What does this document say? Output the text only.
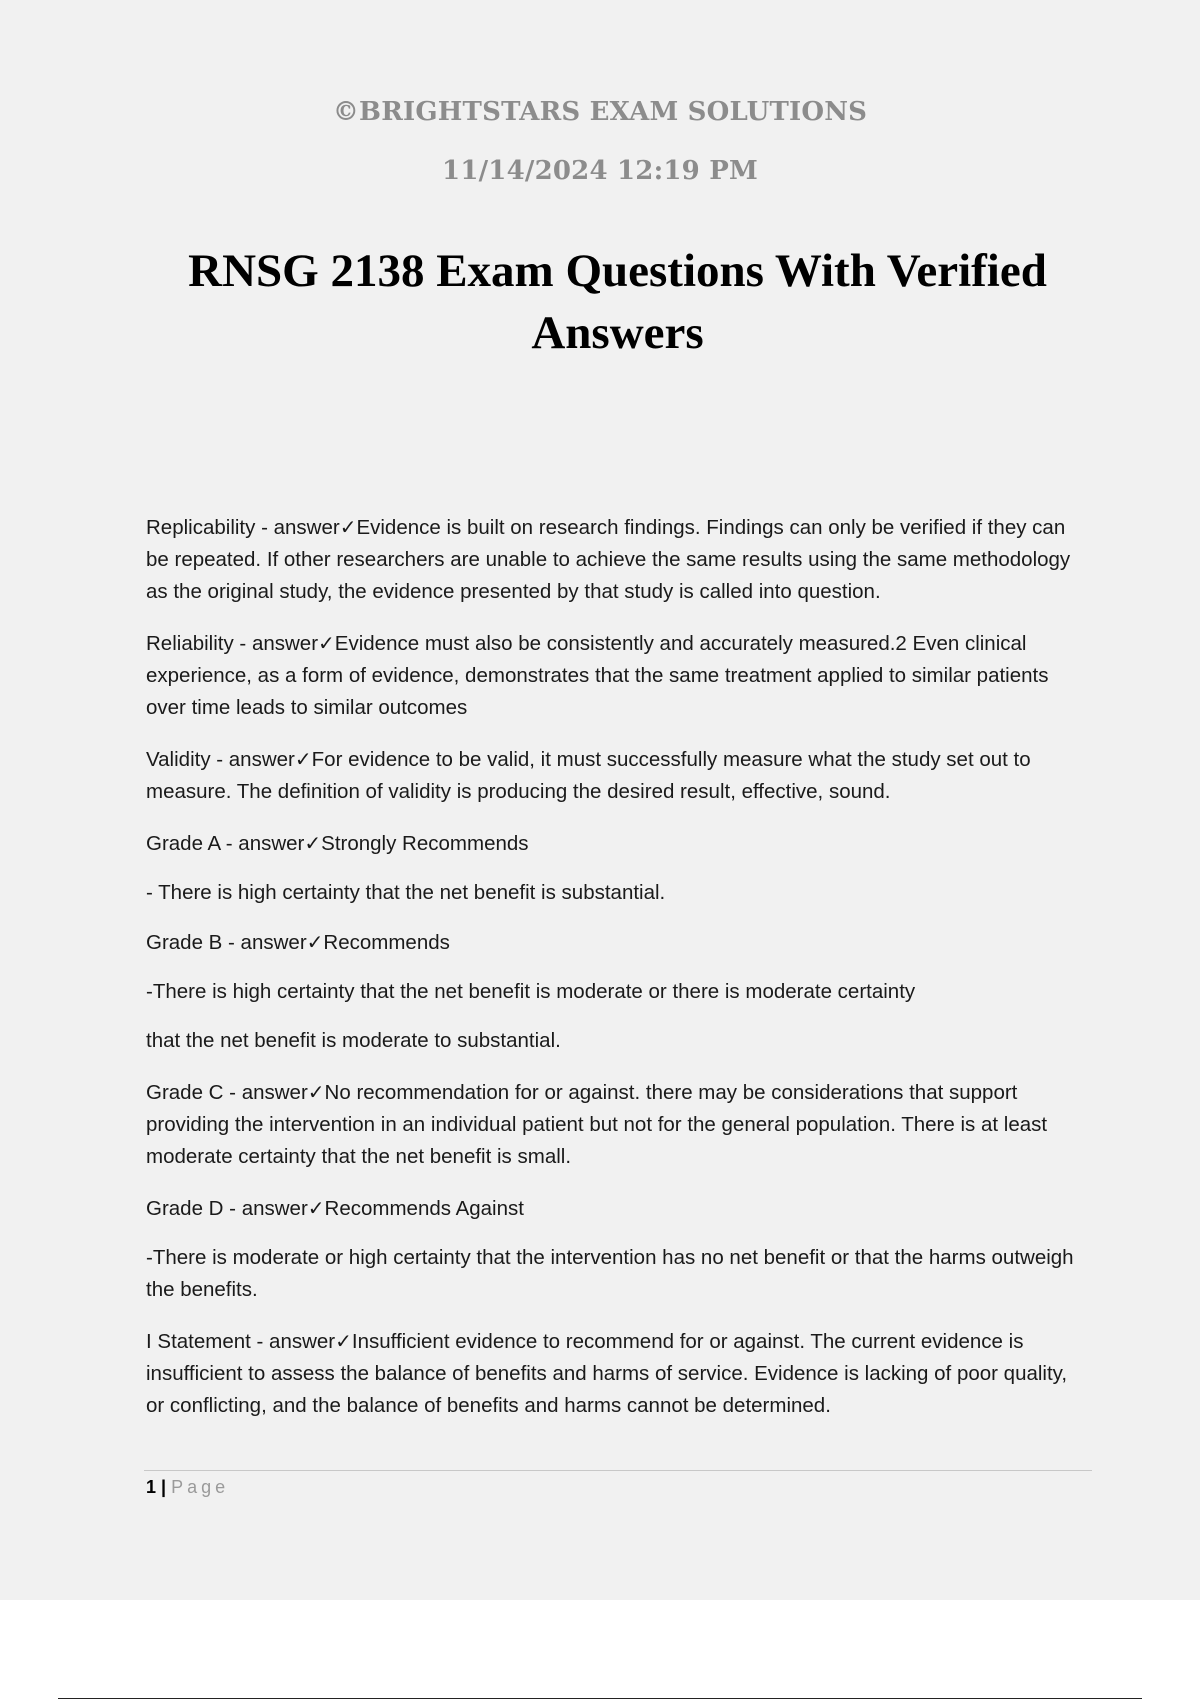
©BRIGHTSTARS EXAM SOLUTIONS
11/14/2024 12:19 PM
RNSG 2138 Exam Questions With Verified Answers

Replicability - answer✓Evidence is built on research findings. Findings can only be verified if they can be repeated. If other researchers are unable to achieve the same results using the same methodology as the original study, the evidence presented by that study is called into question.

Reliability - answer✓Evidence must also be consistently and accurately measured.2 Even clinical experience, as a form of evidence, demonstrates that the same treatment applied to similar patients over time leads to similar outcomes

Validity - answer✓For evidence to be valid, it must successfully measure what the study set out to measure. The definition of validity is producing the desired result, effective, sound.

Grade A - answer✓Strongly Recommends

- There is high certainty that the net benefit is substantial.

Grade B - answer✓Recommends

-There is high certainty that the net benefit is moderate or there is moderate certainty

that the net benefit is moderate to substantial.

Grade C - answer✓No recommendation for or against. there may be considerations that support providing the intervention in an individual patient but not for the general population. There is at least moderate certainty that the net benefit is small.

Grade D - answer✓Recommends Against

-There is moderate or high certainty that the intervention has no net benefit or that the harms outweigh the benefits.

I Statement - answer✓Insufficient evidence to recommend for or against. The current evidence is insufficient to assess the balance of benefits and harms of service. Evidence is lacking of poor quality, or conflicting, and the balance of benefits and harms cannot be determined.

1 | Page
